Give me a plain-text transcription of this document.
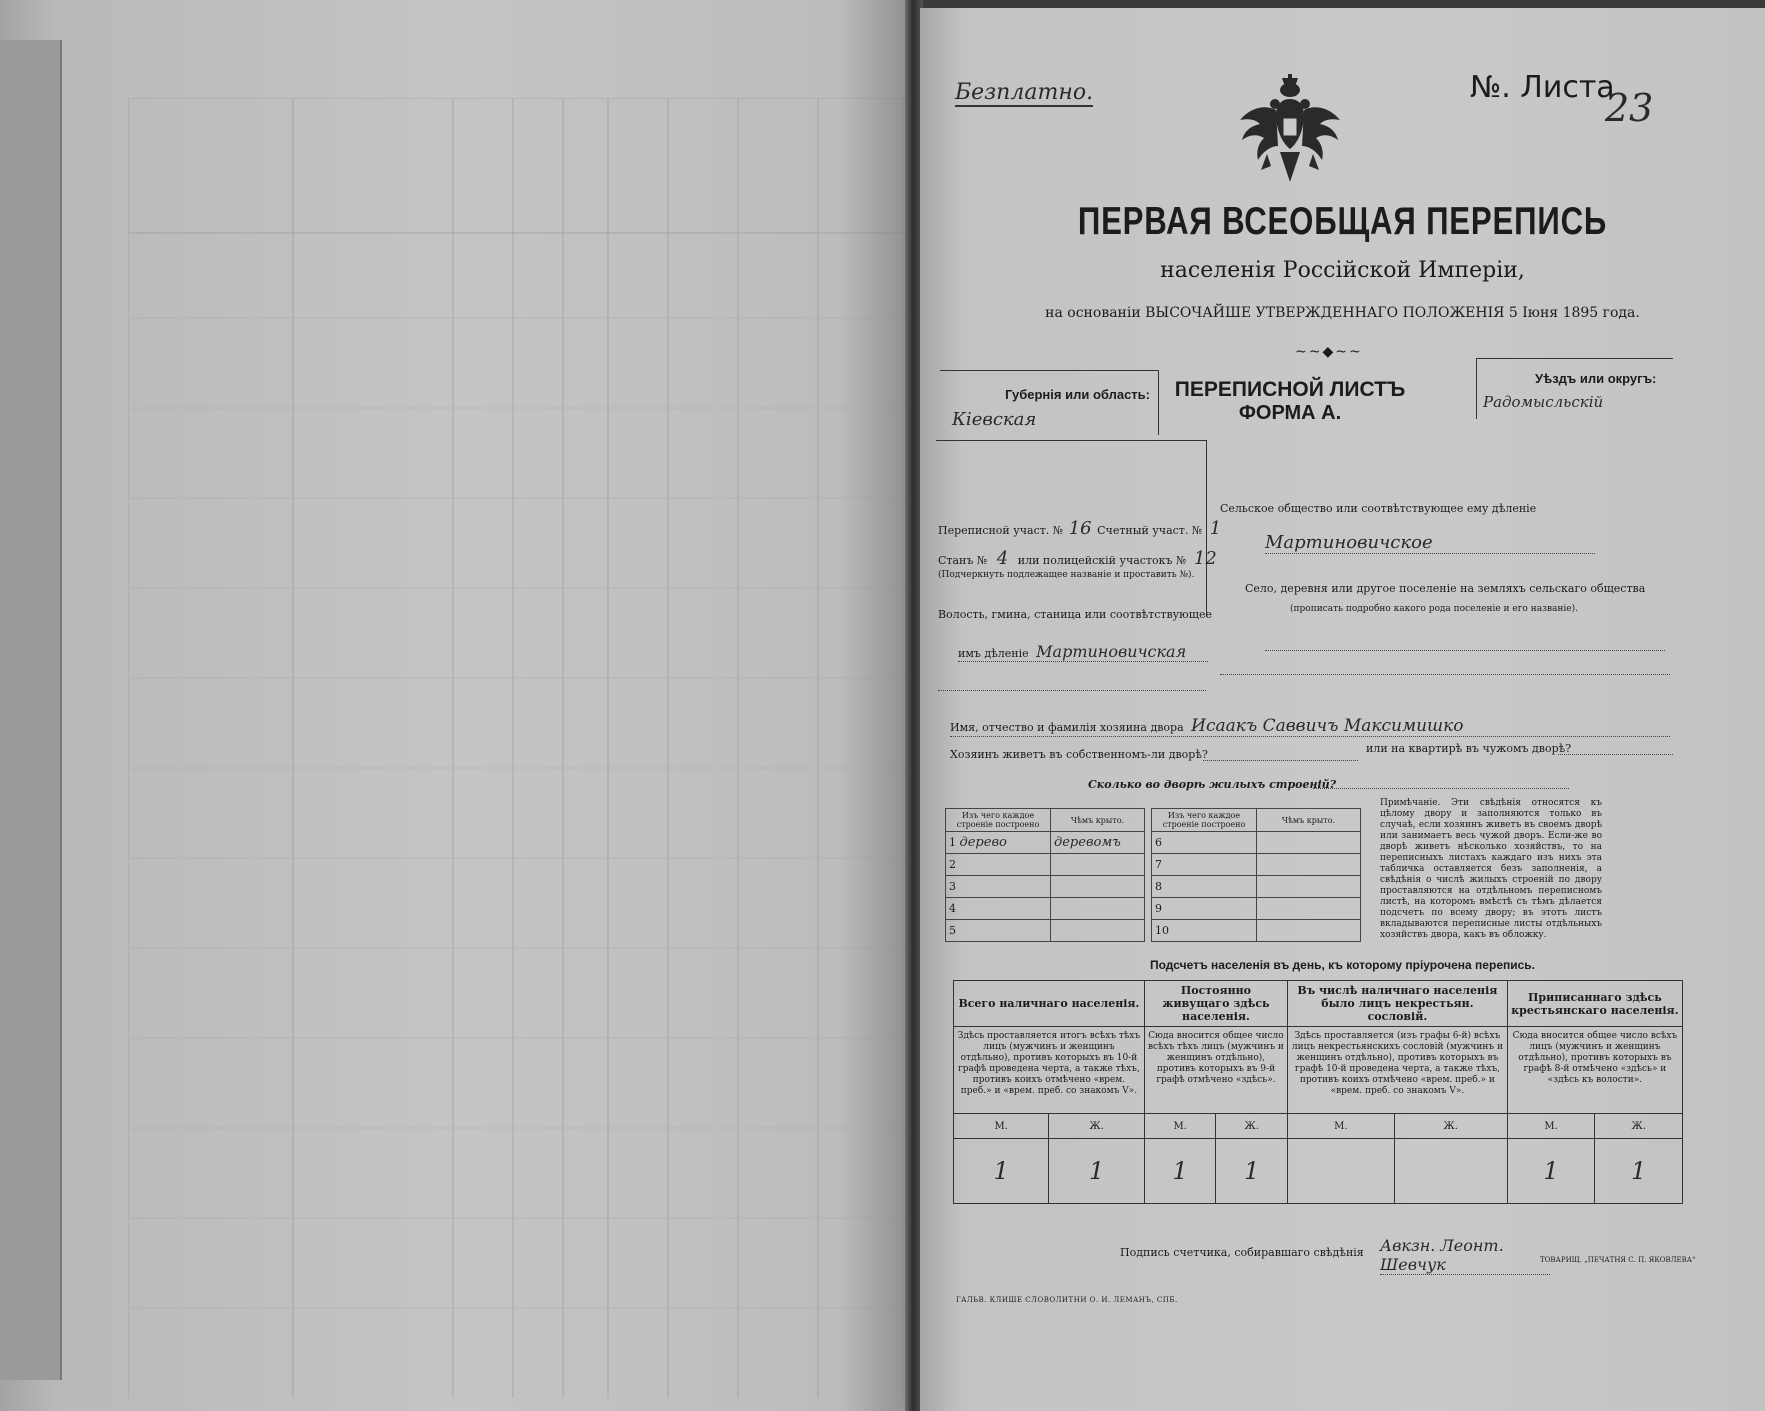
Безплатно.	№. Листа
23
ПЕРВАЯ ВСЕОБЩАЯ ПЕРЕПИСЬ
населенія Россійской Имперіи,
на основаніи ВЫСОЧАЙШЕ УТВЕРЖДЕННАГО ПОЛОЖЕНІЯ 5 Іюня 1895 года.
~~◆~~
Губернія или область:
Кіевская
ПЕРЕПИСНОЙ ЛИСТЪ
ФОРМА А.
Уѣздъ или округъ:
Радомысльскій
Переписной участ. № 16 Счетный участ. № 1
Станъ № 4 или полицейскій участокъ № 12
(Подчеркнуть подлежащее названіе и проставить №).
Волость, гмина, станица или соотвѣтствующее
имъ дѣленіе Мартиновичская
Сельское общество или соотвѣтствующее ему дѣленіе
Мартиновичское
Село, деревня или другое поселеніе на земляхъ сельскаго общества
(прописать подробно какого рода поселеніе и его названіе).
Имя, отчество и фамилія хозяина двора Исаакъ Саввичъ Максимишко
Хозяинъ живетъ въ собственномъ-ли дворѣ?	или на квартирѣ въ чужомъ дворѣ?
Сколько во дворѣ жилыхъ строеній?
Изъ чего каждое строеніе построено	Чѣмъ крыто.
1 дерево	деревомъ
2	
3	
4	
5	
Изъ чего каждое строеніе построено	Чѣмъ крыто.
6	
7	
8	
9	
10	
Примѣчаніе. Эти свѣдѣнія относятся къ цѣлому двору и заполняются только въ случаѣ, если хозяинъ живетъ въ своемъ дворѣ или занимаетъ весь чужой дворъ. Если-же во дворѣ живетъ нѣсколько хозяйствъ, то на переписныхъ листахъ каждаго изъ нихъ эта табличка оставляется безъ заполненія, а свѣдѣнія о числѣ жилыхъ строеній по двору проставляются на отдѣльномъ переписномъ листѣ, на которомъ вмѣстѣ съ тѣмъ дѣлается подсчетъ по всему двору; въ этотъ листъ вкладываются переписные листы отдѣльныхъ хозяйствъ двора, какъ въ обложку.
Подсчетъ населенія въ день, къ которому пріурочена перепись.
Всего наличнаго населенія.		Постоянно живущаго здѣсь населенія.		Въ числѣ наличнаго населенія было лицъ некрестьян. сословій.		Приписаннаго здѣсь крестьянскаго населенія.	
Здѣсь проставляется итогъ всѣхъ тѣхъ лицъ (мужчинъ и женщинъ отдѣльно), противъ которыхъ въ 10-й графѣ проведена черта, а также тѣхъ, противъ коихъ отмѣчено «врем. преб.» и «врем. преб. со знакомъ V».		Сюда вносится общее число всѣхъ тѣхъ лицъ (мужчинъ и женщинъ отдѣльно), противъ которыхъ въ 9-й графѣ отмѣчено «здѣсь».		Здѣсь проставляется (изъ графы 6-й) всѣхъ лицъ некрестьянскихъ сословій (мужчинъ и женщинъ отдѣльно), противъ которыхъ въ графѣ 10-й проведена черта, а также тѣхъ, противъ коихъ отмѣчено «врем. преб.» и «врем. преб. со знакомъ V».		Сюда вносится общее число всѣхъ лицъ (мужчинъ и женщинъ отдѣльно), противъ которыхъ въ графѣ 8-й отмѣчено «здѣсь» и «здѣсь къ волости».	
М.	Ж.	М.	Ж.	М.	Ж.	М.	Ж.
1	1	1	1			1	1
Подпись счетчика, собиравшаго свѣдѣнія Авкзн. Леонт. Шевчук
ГАЛЬВ. КЛИШЕ СЛОВОЛИТНИ О. И. ЛЕМАНЪ, СПБ.
ТОВАРИЩ. „ПЕЧАТНЯ С. П. ЯКОВЛЕВА“
